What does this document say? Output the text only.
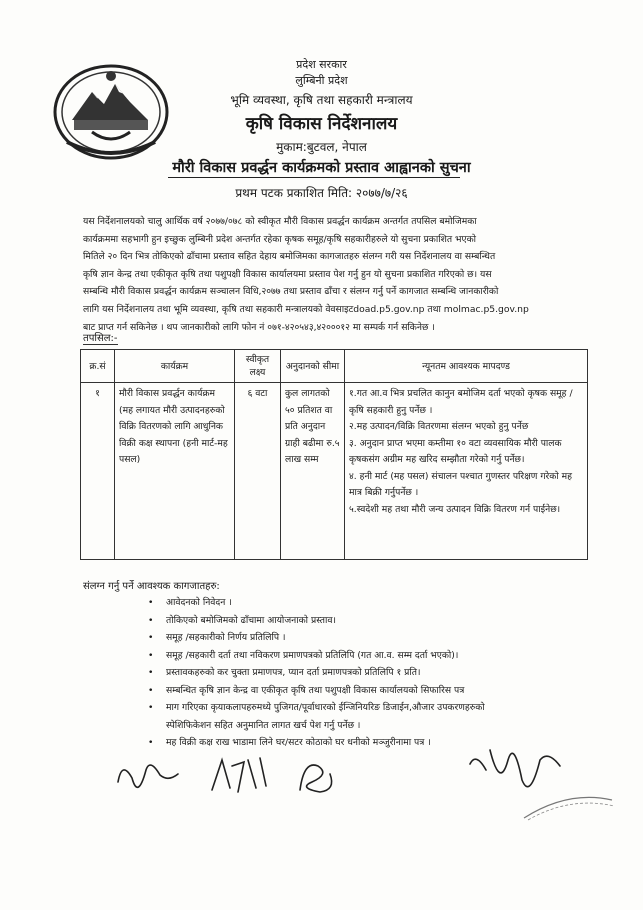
प्रदेश सरकार
लुम्बिनी प्रदेश
भूमि व्यवस्था, कृषि तथा सहकारी मन्त्रालय
कृषि विकास निर्देशनालय
मुकाम:बुटवल, नेपाल
मौरी विकास प्रवर्द्धन कार्यक्रमको प्रस्ताव आह्वानको सुचना
प्रथम पटक प्रकाशित मिति: २०७७/७/२६
यस निर्देशनालयको चालु आर्थिक वर्ष २०७७/०७८ को स्वीकृत मौरी विकास प्रवर्द्धन कार्यक्रम अन्तर्गत तपसिल बमोजिमका
कार्यक्रममा सहभागी हुन इच्छुक लुम्बिनी प्रदेश अन्तर्गत रहेका कृषक समूह/कृषि सहकारीहरुले यो सुचना प्रकाशित भएको
मितिले २० दिन भित्र तोकिएको ढाँचामा प्रस्ताव सहित देहाय बमोजिमका कागजातहरु संलग्न गरी यस निर्देशनालय वा सम्बन्धित
कृषि ज्ञान केन्द्र तथा एकीकृत कृषि तथा पशुपक्षी विकास कार्यालयमा प्रस्ताव पेश गर्नु हुन यो सुचना प्रकाशित गरिएको छ। यस
सम्बन्धि मौरी विकास प्रवर्द्धन कार्यक्रम सञ्चालन विधि,२०७७ तथा प्रस्ताव ढाँचा र संलग्न गर्नु पर्ने कागजात सम्बन्धि जानकारीको
लागि यस निर्देशनालय तथा भूमि व्यवस्था, कृषि तथा सहकारी मन्त्रालयको वेवसाइटdoad.p5.gov.np तथा molmac.p5.gov.np
बाट प्राप्त गर्न सकिनेछ । थप जानकारीको लागि फोन नं ०७१-४२०५४३,४२०००१२ मा सम्पर्क गर्न सकिनेछ ।
तपसिल:-
क्र.सं	कार्यक्रम	स्वीकृत लक्ष्य	अनुदानको सीमा	न्यूनतम आवश्यक मापदण्ड
१	मौरी विकास प्रवर्द्धन कार्यक्रम (मह लगायत मौरी उत्पादनहरुको विक्रि वितरणको लागि आधुनिक विक्री कक्ष स्थापना (हनी मार्ट-मह पसल)	६ वटा	कुल लागतको ५० प्रतिशत वा प्रति अनुदान ग्राही बढीमा रु.५ लाख सम्म	१.गत आ.व भित्र प्रचलित कानुन बमोजिम दर्ता भएको कृषक समूह /कृषि सहकारी हुनु पर्नेछ ।
२.मह उत्पादन/विक्रि वितरणमा संलग्न भएको हुनु पर्नेछ
३. अनुदान प्राप्त भएमा कम्तीमा १० वटा व्यवसायिक मौरी पालक कृषकसंग अग्रीम मह खरिद सम्झौता गरेको गर्नु पर्नेछ।
४. हनी मार्ट (मह पसल) संचालन पश्चात गुणस्तर परिक्षण गरेको मह मात्र बिक्री गर्नुपर्नेछ ।
५.स्वदेशी मह तथा मौरी जन्य उत्पादन विक्रि वितरण गर्न पाईनेछ।
संलग्न गर्नु पर्ने आवश्यक कागजातहरु:
• आवेदनको निवेदन ।
• तोकिएको बमोजिमको ढाँचामा आयोजनाको प्रस्ताव।
• समूह /सहकारीको निर्णय प्रतिलिपि ।
• समूह /सहकारी दर्ता तथा नविकरण प्रमाणपत्रको प्रतिलिपि (गत आ.व. सम्म दर्ता भएको)।
• प्रस्तावकहरुको कर चुक्ता प्रमाणपत्र, प्यान दर्ता प्रमाणपत्रको प्रतिलिपि १ प्रति।
• सम्बन्धित कृषि ज्ञान केन्द्र वा एकीकृत कृषि तथा पशुपक्षी विकास कार्यालयको सिफारिस पत्र
• माग गरिएका कृयाकलापहरुमध्ये पुजिगत/पूर्वाधारको ईन्जिनियरिङ डिजाईन,औजार उपकरणहरुको
स्पेशिफिकेशन सहित अनुमानित लागत खर्च पेश गर्नु पर्नेछ ।
• मह विक्री कक्ष राख भाडामा लिने घर/सटर कोठाको घर धनीको मञ्जुरीनामा पत्र ।
